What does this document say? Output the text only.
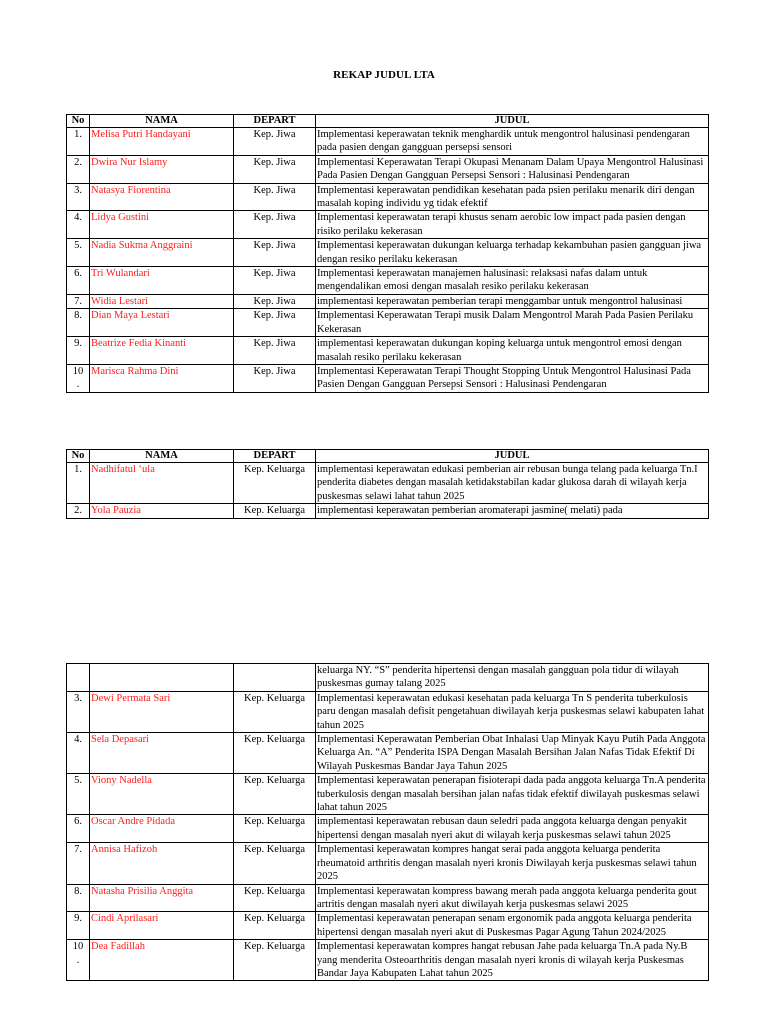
REKAP JUDUL LTA
No	NAMA	DEPART	JUDUL
1.	Melisa Putri Handayani	Kep. Jiwa	Implementasi keperawatan teknik menghardik untuk mengontrol halusinasi pendengaran pada pasien dengan gangguan persepsi sensori
2.	Dwira Nur Islamy	Kep. Jiwa	Implementasi Keperawatan Terapi Okupasi Menanam Dalam Upaya Mengontrol Halusinasi Pada Pasien Dengan Gangguan Persepsi Sensori : Halusinasi Pendengaran
3.	Natasya Fiorentina	Kep. Jiwa	Implementasi keperawatan pendidikan kesehatan pada psien perilaku menarik diri dengan masalah koping individu yg tidak efektif
4.	Lidya Gustini	Kep. Jiwa	Implementasi keperawatan terapi khusus senam aerobic low impact pada pasien dengan risiko perilaku kekerasan
5.	Nadia Sukma Anggraini	Kep. Jiwa	Implementasi keperawatan dukungan keluarga terhadap kekambuhan pasien gangguan jiwa dengan resiko perilaku kekerasan
6.	Tri Wulandari	Kep. Jiwa	Implementasi keperawatan manajemen halusinasi: relaksasi nafas dalam untuk mengendalikan emosi dengan masalah resiko perilaku kekerasan
7.	Widia Lestari	Kep. Jiwa	implementasi keperawatan pemberian terapi menggambar untuk mengontrol halusinasi
8.	Dian Maya Lestari	Kep. Jiwa	Implementasi Keperawatan Terapi musik Dalam Mengontrol Marah Pada Pasien Perilaku Kekerasan
9.	Beatrize Fedia Kinanti	Kep. Jiwa	implementasi keperawatan dukungan koping keluarga untuk mengontrol emosi dengan masalah resiko perilaku kekerasan
10
.	Marisca Rahma Dini	Kep. Jiwa	Implementasi Keperawatan Terapi Thought Stopping Untuk Mengontrol Halusinasi Pada Pasien Dengan Gangguan Persepsi Sensori : Halusinasi Pendengaran
No	NAMA	DEPART	JUDUL
1.	Nadhifatul ‘ula	Kep. Keluarga	implementasi keperawatan edukasi pemberian air rebusan bunga telang pada keluarga Tn.I penderita diabetes dengan masalah ketidakstabilan kadar glukosa darah di wilayah kerja puskesmas selawi lahat tahun 2025
2.	Yola Pauzia	Kep. Keluarga	implementasi keperawatan pemberian aromaterapi jasmine( melati) pada
			keluarga NY. “S” penderita hipertensi dengan masalah gangguan pola tidur di wilayah puskesmas gumay talang 2025
3.	Dewi Permata Sari	Kep. Keluarga	Implementasi keperawatan edukasi kesehatan pada keluarga Tn S penderita tuberkulosis paru dengan masalah defisit pengetahuan diwilayah kerja puskesmas selawi kabupaten lahat tahun 2025
4.	Sela Depasari	Kep. Keluarga	Implementasi Keperawatan Pemberian Obat Inhalasi Uap Minyak Kayu Putih Pada Anggota Keluarga An. “A” Penderita ISPA Dengan Masalah Bersihan Jalan Nafas Tidak Efektif Di Wilayah Puskesmas Bandar Jaya Tahun 2025
5.	Viony Nadella	Kep. Keluarga	Implementasi keperawatan penerapan fisioterapi dada pada anggota keluarga Tn.A penderita tuberkulosis dengan masalah bersihan jalan nafas tidak efektif diwilayah puskesmas selawi lahat tahun 2025
6.	Oscar Andre Pidada	Kep. Keluarga	implementasi keperawatan rebusan daun seledri pada anggota keluarga dengan penyakit hipertensi dengan masalah nyeri akut di wilayah kerja puskesmas selawi tahun 2025
7.	Annisa Hafizoh	Kep. Keluarga	Implementasi keperawatan kompres hangat serai pada anggota keluarga penderita rheumatoid arthritis dengan masalah nyeri kronis Diwilayah kerja puskesmas selawi tahun 2025
8.	Natasha Prisilia Anggita	Kep. Keluarga	Implementasi keperawatan kompress bawang merah pada anggota keluarga penderita gout artritis dengan masalah nyeri akut diwilayah kerja puskesmas selawi 2025
9.	Cindi Aprilasari	Kep. Keluarga	Implementasi keperawatan penerapan senam ergonomik pada anggota keluarga penderita hipertensi dengan masalah nyeri akut di Puskesmas Pagar Agung Tahun 2024/2025
10
.	Dea Fadillah	Kep. Keluarga	Implementasi keperawatan kompres hangat rebusan Jahe pada keluarga Tn.A pada Ny.B yang menderita Osteoarthritis dengan masalah nyeri kronis di wilayah kerja Puskesmas Bandar Jaya Kabupaten Lahat tahun 2025
